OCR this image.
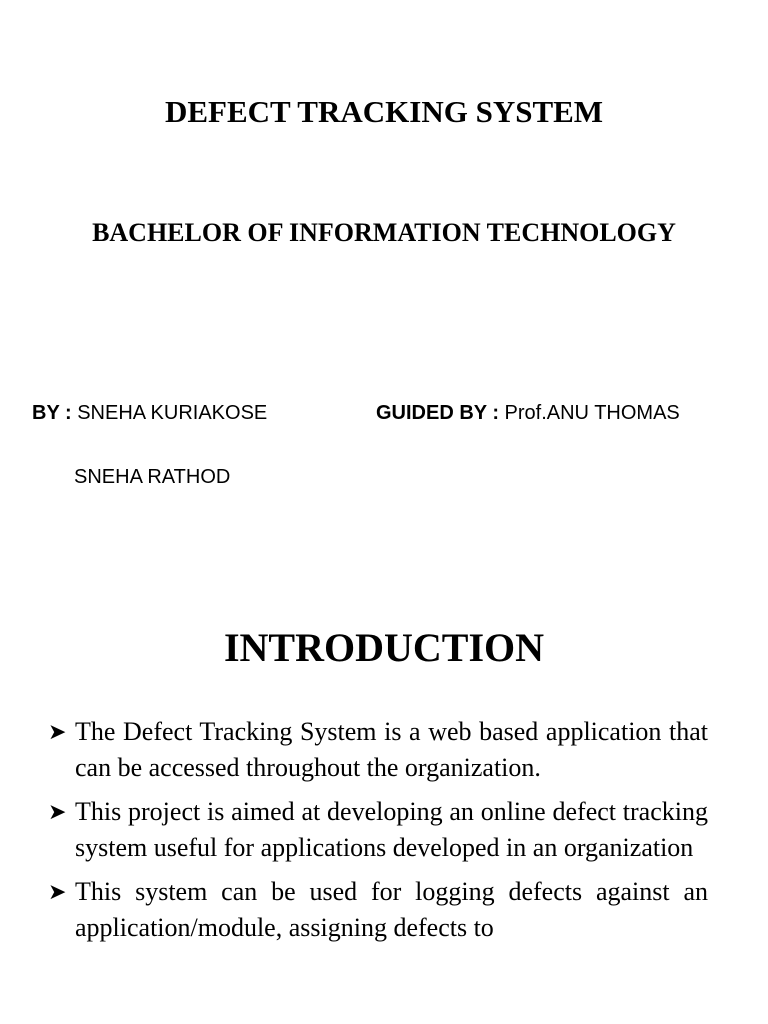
DEFECT TRACKING SYSTEM
BACHELOR OF INFORMATION TECHNOLOGY
BY : SNEHA KURIAKOSE	GUIDED BY : Prof.ANU THOMAS
SNEHA RATHOD
INTRODUCTION
➤ The Defect Tracking System is a web based application that can be accessed throughout the organization.
➤ This project is aimed at developing an online defect tracking system useful for applications developed in an organization
➤ This system can be used for logging defects against an application/module, assigning defects to
